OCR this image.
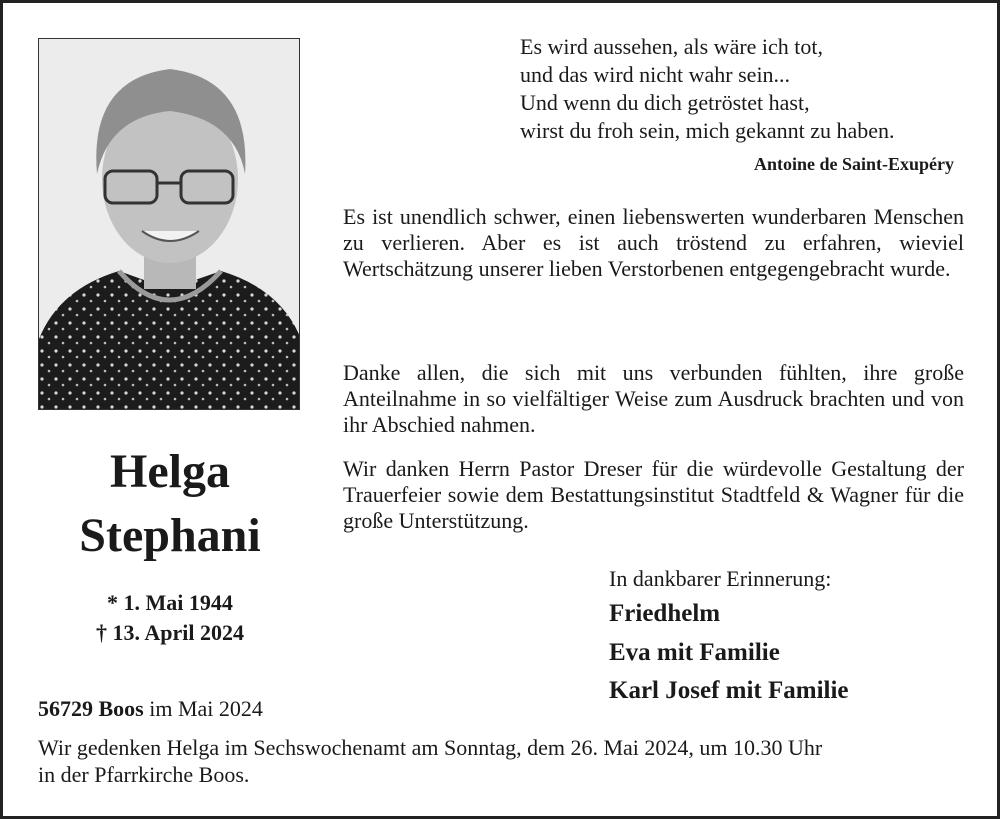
Helga
Stephani
* 1. Mai 1944
† 13. April 2024
Es wird aussehen, als wäre ich tot,
und das wird nicht wahr sein...
Und wenn du dich getröstet hast,
wirst du froh sein, mich gekannt zu haben.
Antoine de Saint-Exupéry
Es ist unendlich schwer, einen liebenswerten wunderbaren Menschen zu verlieren. Aber es ist auch tröstend zu erfahren, wieviel Wertschätzung unserer lieben Verstorbenen entgegengebracht wurde.
Danke allen, die sich mit uns verbunden fühlten, ihre große Anteilnahme in so vielfältiger Weise zum Ausdruck brachten und von ihr Abschied nahmen.
Wir danken Herrn Pastor Dreser für die würdevolle Gestaltung der Trauerfeier sowie dem Bestattungsinstitut Stadtfeld & Wagner für die große Unterstützung.
In dankbarer Erinnerung:
Friedhelm
Eva mit Familie
Karl Josef mit Familie
56729 Boos im Mai 2024
Wir gedenken Helga im Sechswochenamt am Sonntag, dem 26. Mai 2024, um 10.30 Uhr
in der Pfarrkirche Boos.
